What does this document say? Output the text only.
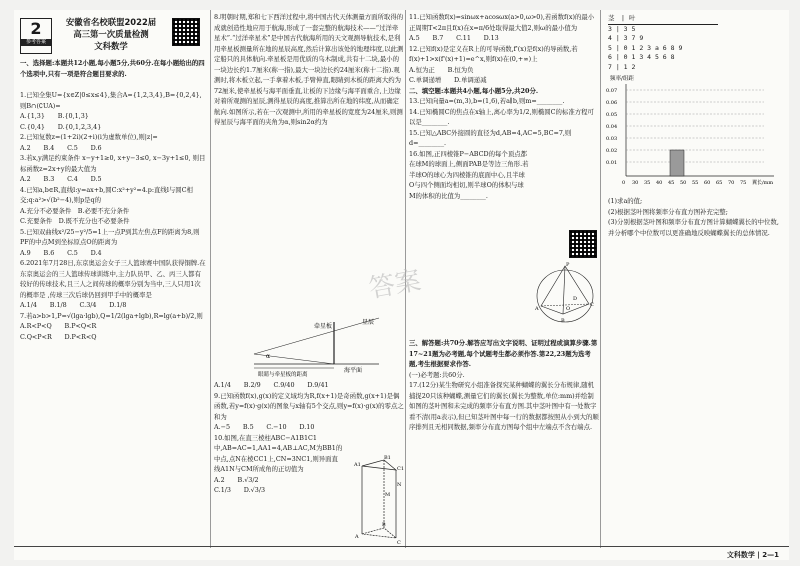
2
参考答案
安徽省名校联盟2022届
高三第一次质量检测
文科数学
一、选择题:本题共12小题,每小题5分,共60分.在每小题给出的四个选项中,只有一项是符合题目要求的.

1.已知全集U={x∈Z|0≤x≤4},集合A={1,2,3,4},B={0,2,4},则B∩(∁UA)=

A.{1,3}　　B.{0,1,3}

C.{0,4}　　D.{0,1,2,3,4}

2.已知复数z=(1+2i)(2+i)(i为虚数单位),则|z|=

A.2　　B.4　　C.5　　D.6

3.若x,y满足约束条件 x−y+1≥0, x+y−3≤0, x−3y+1≤0, 则目标函数z=2x+y的最大值为

A.2　　B.3　　C.4　　D.5

4.已知a,b∈R,直线l:y=ax+b,圆C:x²+y²=4.p:直线l与圆C相交;q:a²>√(b²−4),则p是q的

A.充分不必要条件　B.必要不充分条件

C.充要条件　D.既不充分也不必要条件

5.已知双曲线x²/25−y²/5=1上一点P到其左焦点F的距离为8,则PF的中点M到坐标原点O的距离为

A.9　　B.6　　C.5　　D.4

6.2021年7月28日,东京奥运会女子三人篮球赛中国队获得铜牌.在东京奥运会的三人篮球传球训练中,主力队员甲、乙、丙三人都有较好的传球技术,且三人之间传球的概率分别为当中,三人只用1次的概率是 ,传球三次后球仍回到甲手中的概率是

A.1/4　　B.1/8　　C.3/4　　D.1/8

7.若a>b>1,P=√(lga·lgb),Q=1/2(lga+lgb),R=lg(a+b)/2,则

A.R<P<Q　　B.P<Q<R

C.Q<P<R　　D.P<R<Q

8.明朝时期,郑和七下西洋过程中,将中国古代天体测量方面所取得的成就创造性地应用于航海,形成了一套完整的航海技术——“过洋牵星术”.“过洋牵星术”是中国古代航海所用的天文观测导航技术,是利用牵星板测量所在地的星辰高度,然后计算出该处的地理纬度,以此测定船只的具体航向.牵星板是用优质的乌木制成,共有十二块,最小的一块边长约1.7厘米(称一指),最大一块边长约24厘米(称十二指).观测时,将木板立起,一手拿着木板,手臂伸直,眼睛到木板的距离大约为72厘米,使牵星板与海平面垂直,让板的下边缘与海平面重合,上边缘对着所观测的星辰,测得星辰的高度,推算出所在地的纬度,从而确定航向.如图所示,若在一次观测中,所用的牵星板的宽度为24厘米,则测得星辰与海平面的夹角为α,则sin2α约为

牵星板
星辰
海平面
眼睛与牵星板的距离
α

A.1/4　　B.2/9　　C.9/40　　D.9/41

9.已知函数f(x),g(x)的定义域均为R,f(x+1)是奇函数,g(x+1)是偶函数,若y=f(x)·g(x)的图象与x轴有5个交点,则y=f(x)·g(x)的零点之和为

A.−5　　B.5　　C.−10　　D.10

10.如图,在直三棱柱ABC−A1B1C1中,AB=AC=1,AA1=4,AB⊥AC,M为BB1的中点,点N在棱CC1上,CN=3NC1,则异面直线A1N与CM所成角的正切值为

A.2　　B.√3/2

C.1/3　　D.√3/3

A1
B1
C1
A
B
C
M
N

11.已知函数f(x)=sinωx+acosωx(a>0,ω>0),若函数f(x)的最小正周期T<2π且f(x)在x=π/6处取得最大值2,则ω的最小值为

A.5　　B.7　　C.11　　D.13

12.已知f(x)是定义在R上的可导函数,f'(x)是f(x)的导函数,若f(x)+1>x(f'(x)+1)=e^x,则f(x)在(0,+∞)上

A.恒为正　　B.恒为负

C.单调递增　　D.单调递减

二、填空题:本题共4小题,每小题5分,共20分.

13.已知向量a=(m,3),b=(1,6),若a∥b,则m=________.

14.已知椭圆C的焦点在x轴上,离心率为1/2,则椭圆C的标准方程可以是________.

15.已知△ABC外接圆的直径为d,AB=4,AC=5,BC=7,则d=________.

16.如图,正四棱锥P−ABCD的每个顶点都在球M的球面上,侧面PAB是等边三角形.若半球O的球心为四棱锥的底面中心,且半球O与四个侧面均相切,则半球O的体积与球M的体积的比值为________.

P
A
B
C
D
O

三、解答题:共70分.解答应写出文字说明、证明过程或演算步骤.第17~21题为必考题,每个试题考生都必须作答.第22,23题为选考题,考生根据要求作答.

(一)必考题:共60分.

17.(12分)某生物研究小组准备探究某种蝴蝶的翼长分布规律,随机捕捉20只该种蝴蝶,测量它们的翼长(翼长为整数,单位:mm)并绘制如图的茎叶图和未完成的频率分布直方图.其中茎叶图中有一处数字看不清(用a表示),但已知茎叶图中每一行的数据都按照从小到大的顺序排列且无相同数据,频率分布直方图每个组中左端点不含右端点.

答案
茎　| 叶
3 | 3 5
4 | 3 7 9
5 | 0 1 2 3 a 6 8 9
6 | 0 1 3 4 5 6 8
7 | 1 2
频率/组距
0.07
0.06
0.05
0.04
0.03
0.02
0.01
0 30 35 40 45 50 55 60 65 70 75 翼长/mm

(1)求a的值;

(2)根据茎叶图将频率分布直方图补充完整;

(3)分别根据茎叶图和频率分布直方图计算蝴蝶翼长的中位数,并分析哪个中位数可以更准确地反映蝴蝶翼长的总体情况.

文科数学 | 2—1
